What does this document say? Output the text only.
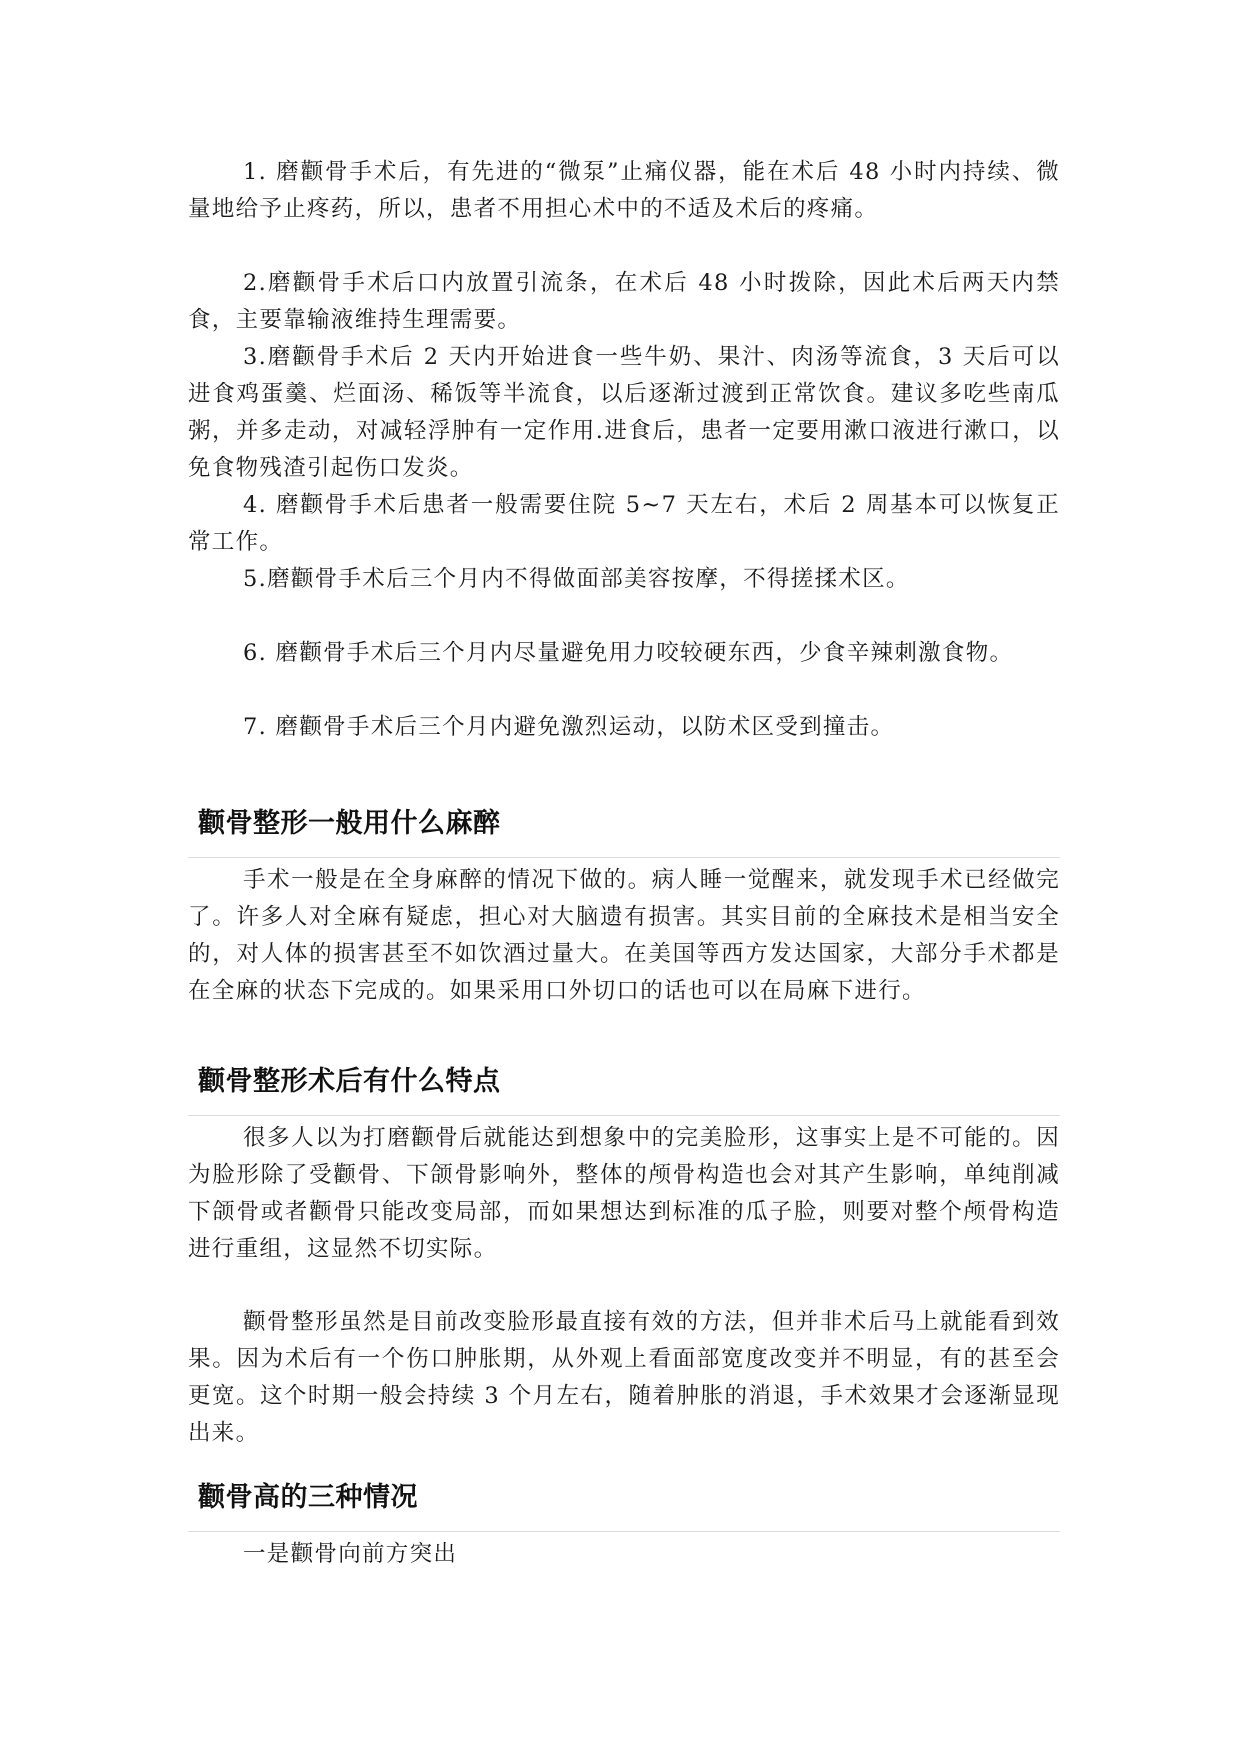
1. 磨颧骨手术后，有先进的“微泵”止痛仪器，能在术后 48 小时内持续、微量地给予止疼药，所以，患者不用担心术中的不适及术后的疼痛。

2.磨颧骨手术后口内放置引流条，在术后 48 小时拨除，因此术后两天内禁食，主要靠输液维持生理需要。

3.磨颧骨手术后 2 天内开始进食一些牛奶、果汁、肉汤等流食，3 天后可以进食鸡蛋羹、烂面汤、稀饭等半流食，以后逐渐过渡到正常饮食。建议多吃些南瓜粥，并多走动，对减轻浮肿有一定作用.进食后，患者一定要用漱口液进行漱口，以免食物残渣引起伤口发炎。

4. 磨颧骨手术后患者一般需要住院 5~7 天左右，术后 2 周基本可以恢复正常工作。

5.磨颧骨手术后三个月内不得做面部美容按摩，不得搓揉术区。

6. 磨颧骨手术后三个月内尽量避免用力咬较硬东西，少食辛辣刺激食物。

7. 磨颧骨手术后三个月内避免激烈运动，以防术区受到撞击。

颧骨整形一般用什么麻醉

手术一般是在全身麻醉的情况下做的。病人睡一觉醒来，就发现手术已经做完了。许多人对全麻有疑虑，担心对大脑遗有损害。其实目前的全麻技术是相当安全的，对人体的损害甚至不如饮酒过量大。在美国等西方发达国家，大部分手术都是在全麻的状态下完成的。如果采用口外切口的话也可以在局麻下进行。

颧骨整形术后有什么特点

很多人以为打磨颧骨后就能达到想象中的完美脸形，这事实上是不可能的。因为脸形除了受颧骨、下颌骨影响外，整体的颅骨构造也会对其产生影响，单纯削减下颌骨或者颧骨只能改变局部，而如果想达到标准的瓜子脸，则要对整个颅骨构造进行重组，这显然不切实际。

颧骨整形虽然是目前改变脸形最直接有效的方法，但并非术后马上就能看到效果。因为术后有一个伤口肿胀期，从外观上看面部宽度改变并不明显，有的甚至会更宽。这个时期一般会持续 3 个月左右，随着肿胀的消退，手术效果才会逐渐显现出来。

颧骨高的三种情况

一是颧骨向前方突出
